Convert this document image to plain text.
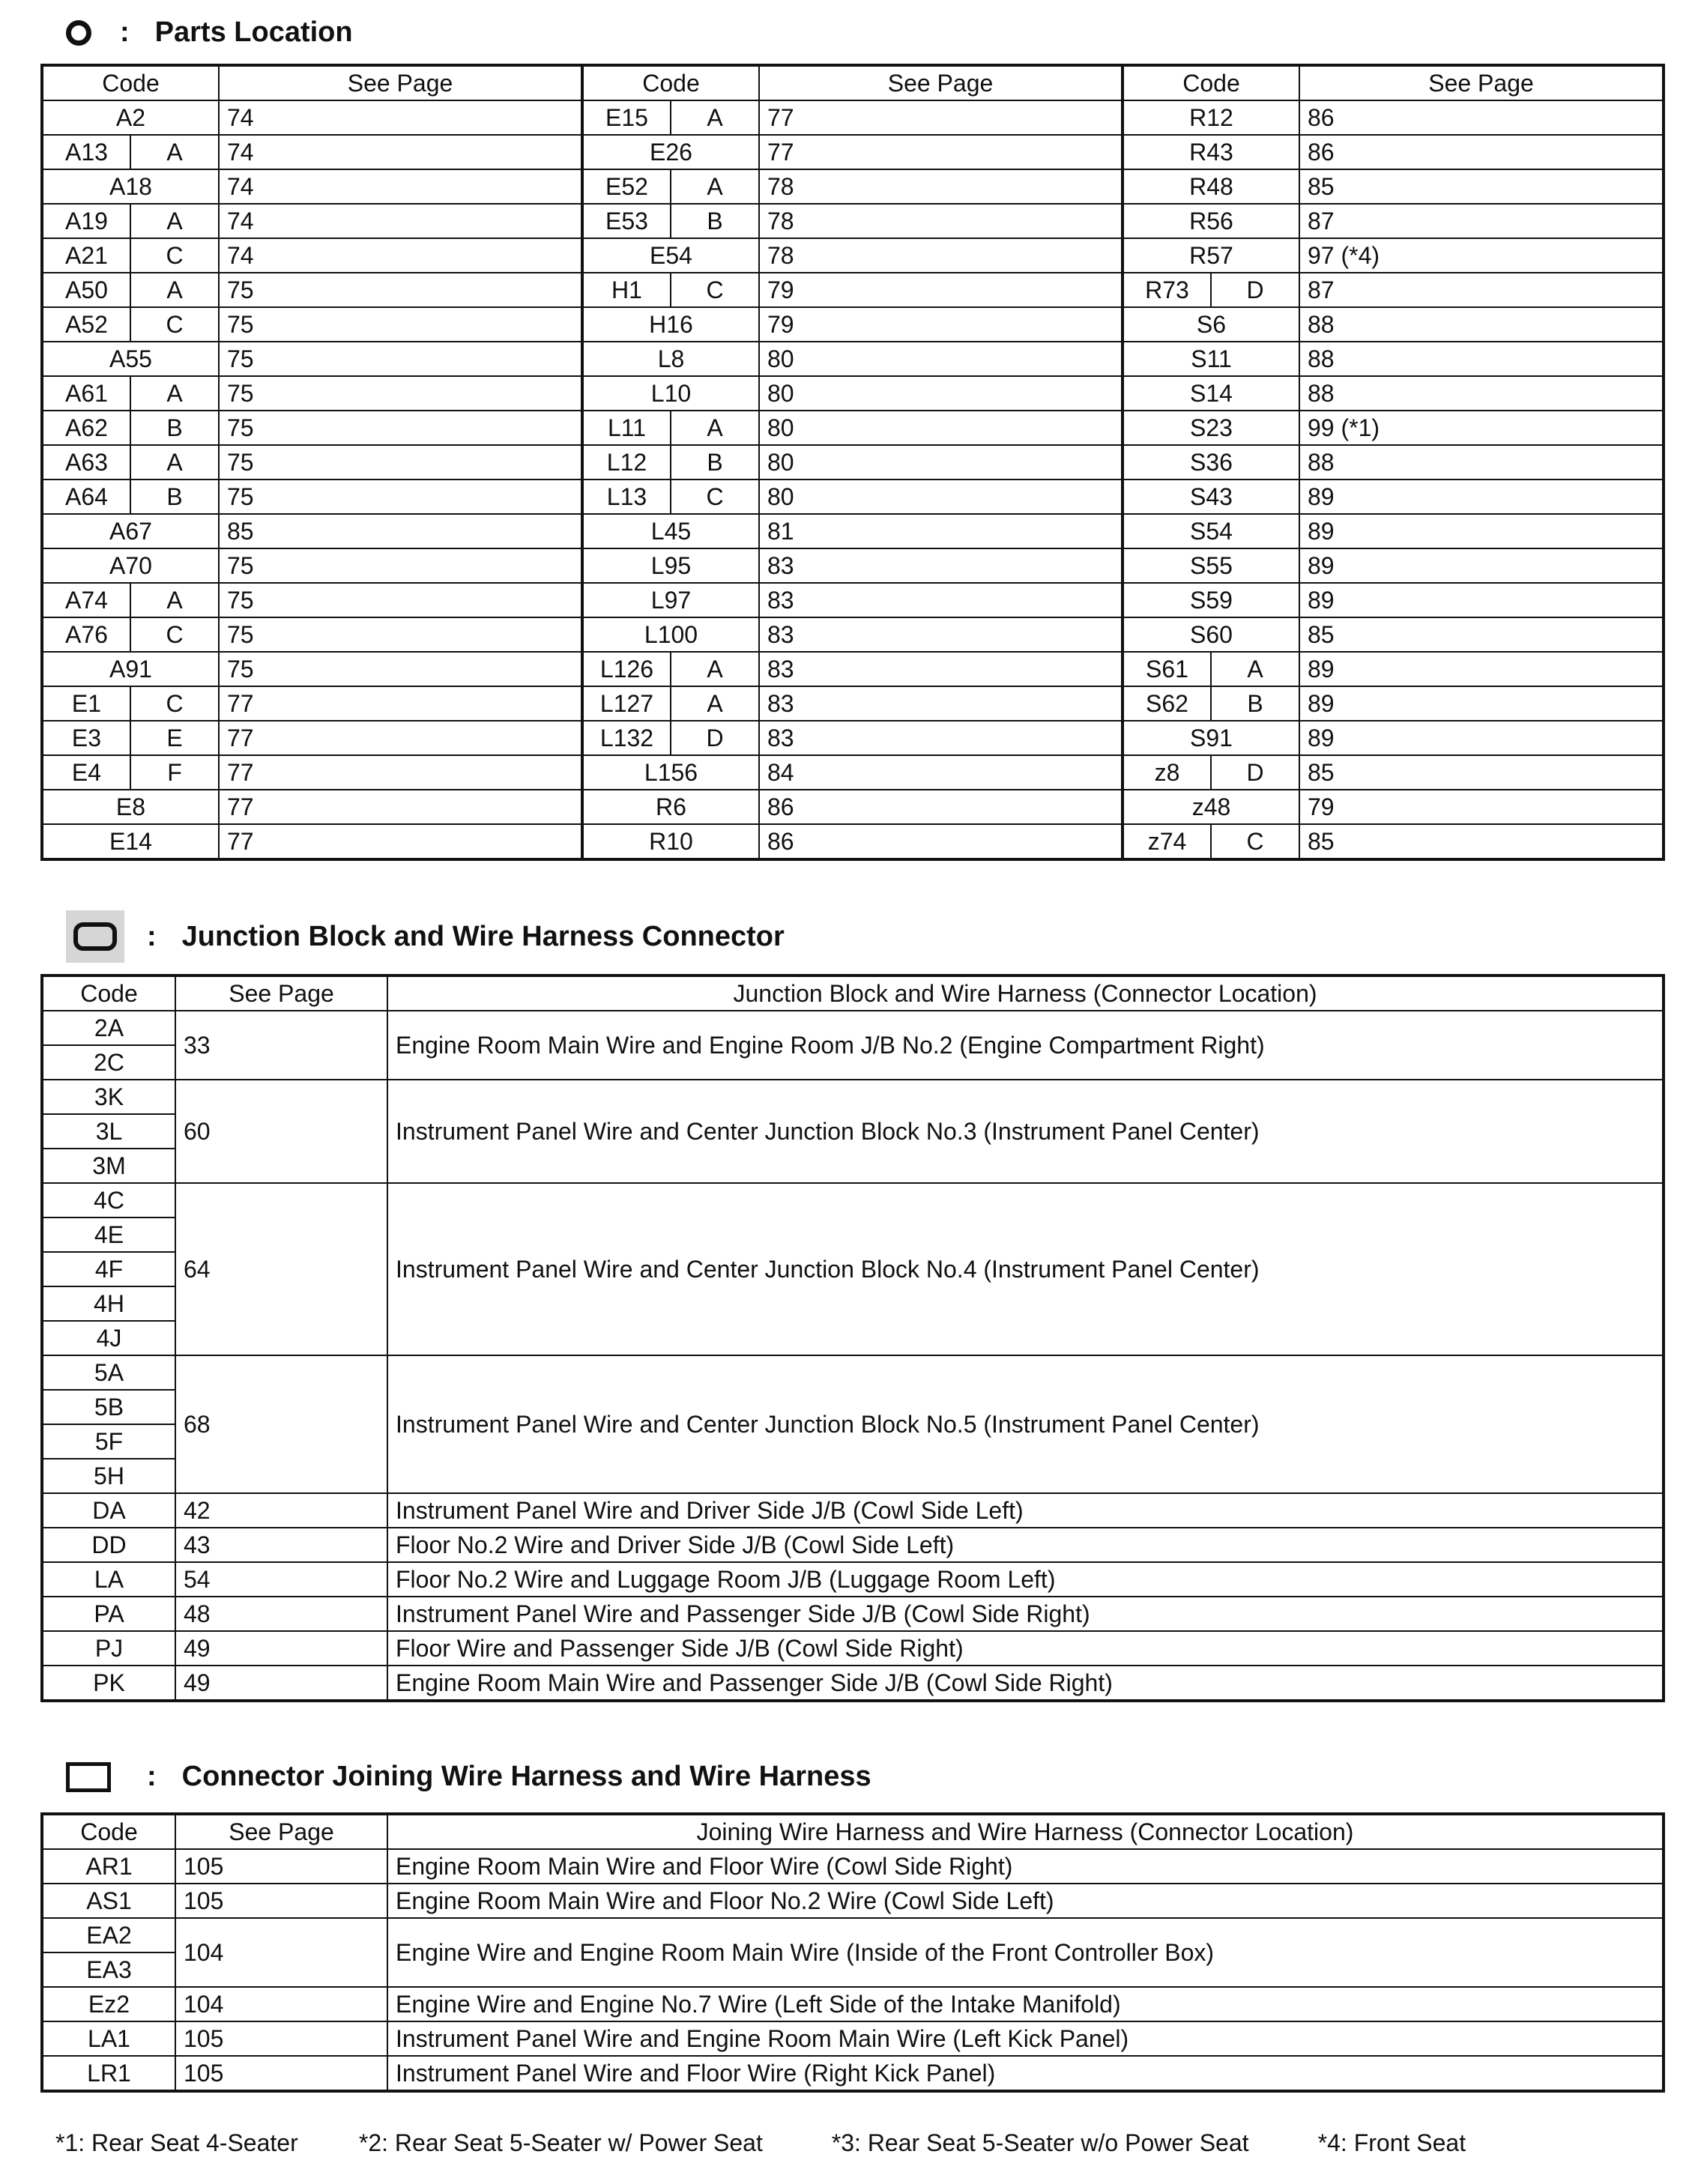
: Parts Location
Code		See Page	Code		See Page	Code		See Page
A2		74	E15	A	77	R12		86
A13	A	74	E26		77	R43		86
A18		74	E52	A	78	R48		85
A19	A	74	E53	B	78	R56		87
A21	C	74	E54		78	R57		97 (*4)
A50	A	75	H1	C	79	R73	D	87
A52	C	75	H16		79	S6		88
A55		75	L8		80	S11		88
A61	A	75	L10		80	S14		88
A62	B	75	L11	A	80	S23		99 (*1)
A63	A	75	L12	B	80	S36		88
A64	B	75	L13	C	80	S43		89
A67		85	L45		81	S54		89
A70		75	L95		83	S55		89
A74	A	75	L97		83	S59		89
A76	C	75	L100		83	S60		85
A91		75	L126	A	83	S61	A	89
E1	C	77	L127	A	83	S62	B	89
E3	E	77	L132	D	83	S91		89
E4	F	77	L156		84	z8	D	85
E8		77	R6		86	z48		79
E14		77	R10		86	z74	C	85
: Junction Block and Wire Harness Connector
Code	See Page	Junction Block and Wire Harness (Connector Location)
2A	33	Engine Room Main Wire and Engine Room J/B No.2 (Engine Compartment Right)
2C		
3K	60	Instrument Panel Wire and Center Junction Block No.3 (Instrument Panel Center)
3L		
3M		
4C	64	Instrument Panel Wire and Center Junction Block No.4 (Instrument Panel Center)
4E		
4F		
4H		
4J		
5A	68	Instrument Panel Wire and Center Junction Block No.5 (Instrument Panel Center)
5B		
5F		
5H		
DA	42	Instrument Panel Wire and Driver Side J/B (Cowl Side Left)
DD	43	Floor No.2 Wire and Driver Side J/B (Cowl Side Left)
LA	54	Floor No.2 Wire and Luggage Room J/B (Luggage Room Left)
PA	48	Instrument Panel Wire and Passenger Side J/B (Cowl Side Right)
PJ	49	Floor Wire and Passenger Side J/B (Cowl Side Right)
PK	49	Engine Room Main Wire and Passenger Side J/B (Cowl Side Right)
: Connector Joining Wire Harness and Wire Harness
Code	See Page	Joining Wire Harness and Wire Harness (Connector Location)
AR1	105	Engine Room Main Wire and Floor Wire (Cowl Side Right)
AS1	105	Engine Room Main Wire and Floor No.2 Wire (Cowl Side Left)
EA2	104	Engine Wire and Engine Room Main Wire (Inside of the Front Controller Box)
EA3		
Ez2	104	Engine Wire and Engine No.7 Wire (Left Side of the Intake Manifold)
LA1	105	Instrument Panel Wire and Engine Room Main Wire (Left Kick Panel)
LR1	105	Instrument Panel Wire and Floor Wire (Right Kick Panel)
*1: Rear Seat 4-Seater	*2: Rear Seat 5-Seater w/ Power Seat	*3: Rear Seat 5-Seater w/o Power Seat	*4: Front Seat
